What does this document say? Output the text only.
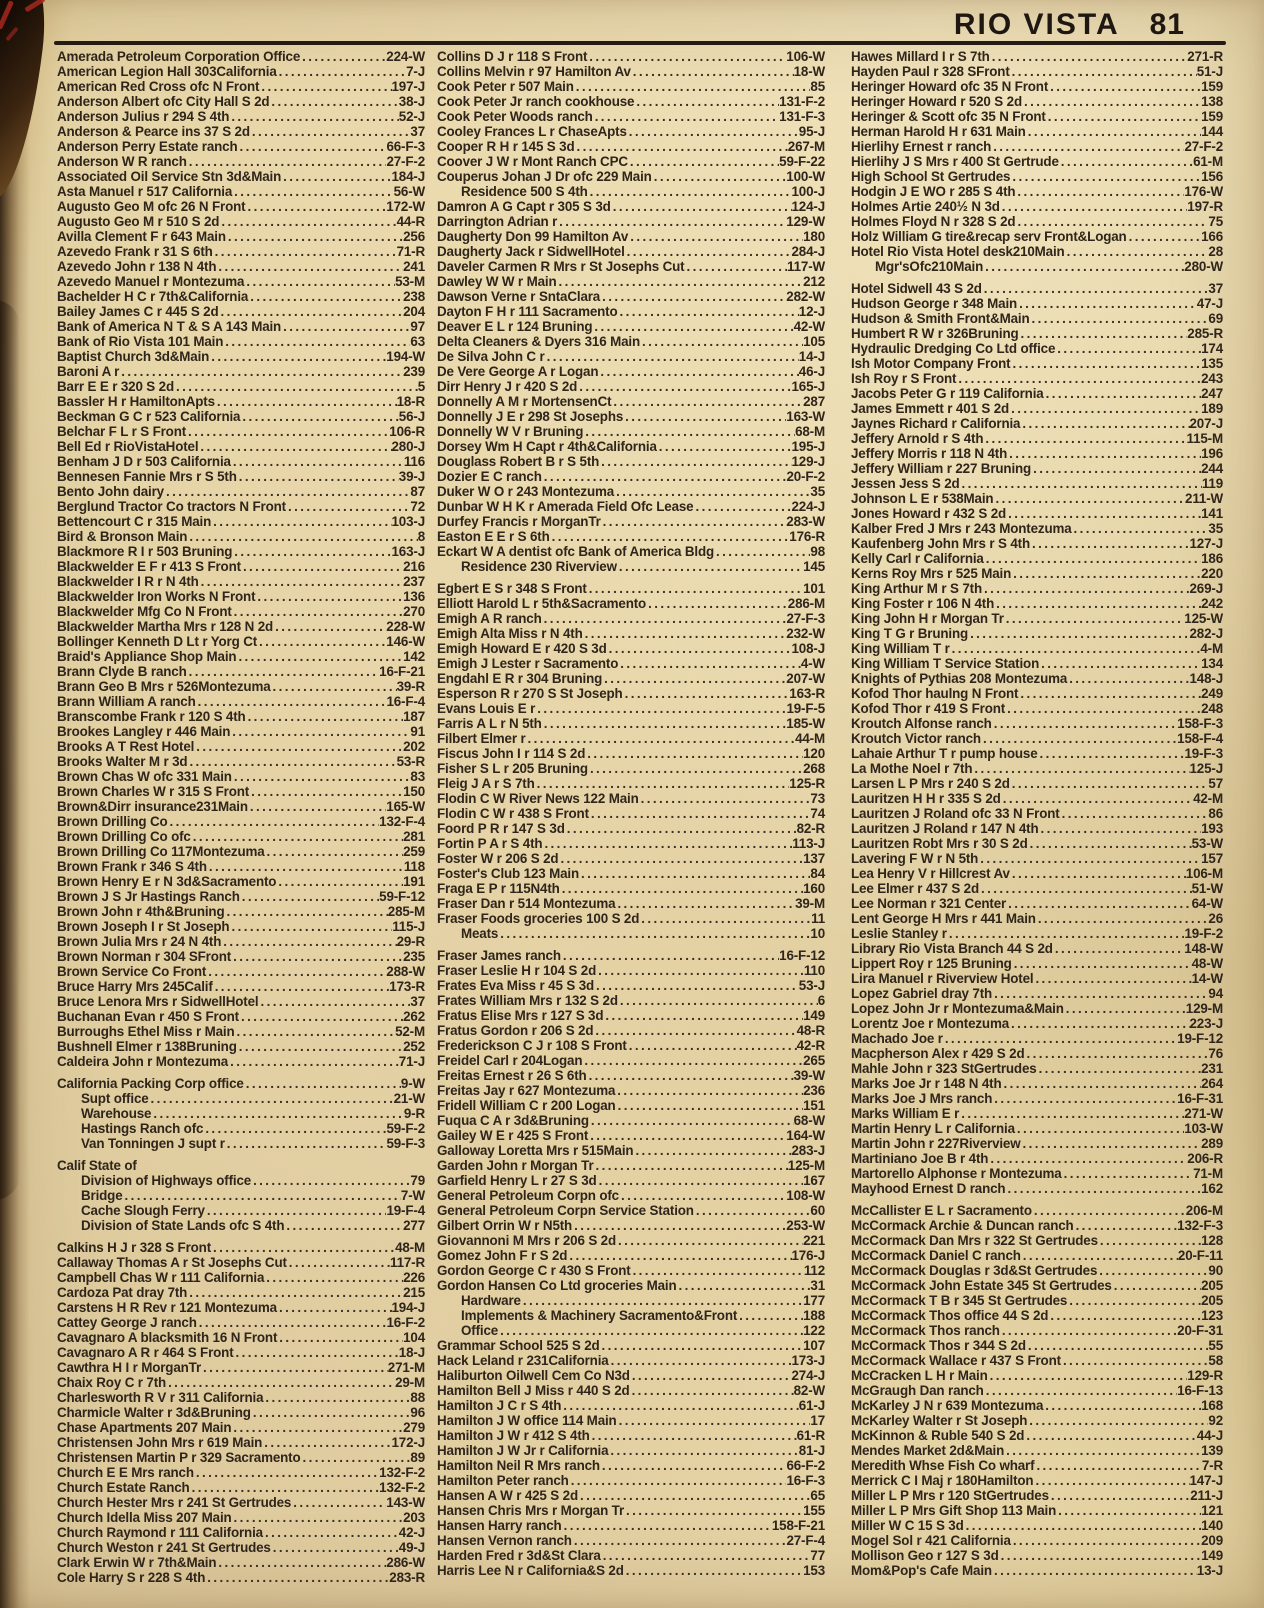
RIO VISTA 81
Amerada Petroleum Corporation Office .....	224-W
American Legion Hall 303California .....	7-J
American Red Cross ofc N Front .....	197-J
Anderson Albert ofc City Hall S 2d .....	38-J
Anderson Julius r 294 S 4th .....	52-J
Anderson & Pearce ins 37 S 2d .....	37
Anderson Perry Estate ranch .....	66-F-3
Anderson W R ranch .....	27-F-2
Associated Oil Service Stn 3d&Main .....	184-J
Asta Manuel r 517 California .....	56-W
Augusto Geo M ofc 26 N Front .....	172-W
Augusto Geo M r 510 S 2d .....	44-R
Avilla Clement F r 643 Main .....	256
Azevedo Frank r 31 S 6th .....	71-R
Azevedo John r 138 N 4th .....	241
Azevedo Manuel r Montezuma .....	53-M
Bachelder H C r 7th&California .....	238
Bailey James C r 445 S 2d .....	204
Bank of America N T & S A 143 Main .....	97
Bank of Rio Vista 101 Main .....	63
Baptist Church 3d&Main .....	194-W
Baroni A r .....	239
Barr E E r 320 S 2d .....	5
Bassler H r HamiltonApts .....	18-R
Beckman G C r 523 California .....	56-J
Belchar F L r S Front .....	106-R
Bell Ed r RioVistaHotel .....	280-J
Benham J D r 503 California .....	116
Bennesen Fannie Mrs r S 5th .....	39-J
Bento John dairy .....	87
Berglund Tractor Co tractors N Front .....	72
Bettencourt C r 315 Main .....	103-J
Bird & Bronson Main .....	8
Blackmore R I r 503 Bruning .....	163-J
Blackwelder E F r 413 S Front .....	216
Blackwelder I R r N 4th .....	237
Blackwelder Iron Works N Front .....	136
Blackwelder Mfg Co N Front .....	270
Blackwelder Martha Mrs r 128 N 2d .....	228-W
Bollinger Kenneth D Lt r Yorg Ct .....	146-W
Braid's Appliance Shop Main .....	142
Brann Clyde B ranch .....	16-F-21
Brann Geo B Mrs r 526Montezuma .....	39-R
Brann William A ranch .....	16-F-4
Branscombe Frank r 120 S 4th .....	187
Brookes Langley r 446 Main .....	91
Brooks A T Rest Hotel .....	202
Brooks Walter M r 3d .....	53-R
Brown Chas W ofc 331 Main .....	83
Brown Charles W r 315 S Front .....	150
Brown&Dirr insurance231Main .....	165-W
Brown Drilling Co .....	132-F-4
Brown Drilling Co ofc .....	281
Brown Drilling Co 117Montezuma .....	259
Brown Frank r 346 S 4th .....	118
Brown Henry E r N 3d&Sacramento .....	191
Brown J S Jr Hastings Ranch .....	59-F-12
Brown John r 4th&Bruning .....	285-M
Brown Joseph I r St Joseph .....	115-J
Brown Julia Mrs r 24 N 4th .....	29-R
Brown Norman r 304 SFront .....	235
Brown Service Co Front .....	288-W
Bruce Harry Mrs 245Calif .....	173-R
Bruce Lenora Mrs r SidwellHotel .....	37
Buchanan Evan r 450 S Front .....	262
Burroughs Ethel Miss r Main .....	52-M
Bushnell Elmer r 138Bruning .....	252
Caldeira John r Montezuma .....	71-J
California Packing Corp office .....	9-W
Supt office .....	21-W
Warehouse .....	9-R
Hastings Ranch ofc .....	59-F-2
Van Tonningen J supt r .....	59-F-3
Calif State of
Division of Highways office .....	79
Bridge .....	7-W
Cache Slough Ferry .....	19-F-4
Division of State Lands ofc S 4th .....	277
Calkins H J r 328 S Front .....	48-M
Callaway Thomas A r St Josephs Cut .....	117-R
Campbell Chas W r 111 California .....	226
Cardoza Pat dray 7th .....	215
Carstens H R Rev r 121 Montezuma .....	194-J
Cattey George J ranch .....	16-F-2
Cavagnaro A blacksmith 16 N Front .....	104
Cavagnaro A R r 464 S Front .....	18-J
Cawthra H I r MorganTr .....	271-M
Chaix Roy C r 7th .....	29-M
Charlesworth R V r 311 California .....	88
Charmicle Walter r 3d&Bruning .....	96
Chase Apartments 207 Main .....	279
Christensen John Mrs r 619 Main .....	172-J
Christensen Martin P r 329 Sacramento .....	89
Church E E Mrs ranch .....	132-F-2
Church Estate Ranch .....	132-F-2
Church Hester Mrs r 241 St Gertrudes .....	143-W
Church Idella Miss 207 Main .....	203
Church Raymond r 111 California .....	42-J
Church Weston r 241 St Gertrudes .....	49-J
Clark Erwin W r 7th&Main .....	286-W
Cole Harry S r 228 S 4th .....	283-R
Collins D J r 118 S Front .....	106-W
Collins Melvin r 97 Hamilton Av .....	18-W
Cook Peter r 507 Main .....	85
Cook Peter Jr ranch cookhouse .....	131-F-2
Cook Peter Woods ranch .....	131-F-3
Cooley Frances L r ChaseApts .....	95-J
Cooper R H r 145 S 3d .....	267-M
Coover J W r Mont Ranch CPC .....	59-F-22
Couperus Johan J Dr ofc 229 Main .....	100-W
Residence 500 S 4th .....	100-J
Damron A G Capt r 305 S 3d .....	124-J
Darrington Adrian r .....	129-W
Daugherty Don 99 Hamilton Av .....	180
Daugherty Jack r SidwellHotel .....	284-J
Daveler Carmen R Mrs r St Josephs Cut .....	117-W
Dawley W W r Main .....	212
Dawson Verne r SntaClara .....	282-W
Dayton F H r 111 Sacramento .....	12-J
Deaver E L r 124 Bruning .....	42-W
Delta Cleaners & Dyers 316 Main .....	105
De Silva John C r .....	14-J
De Vere George A r Logan .....	46-J
Dirr Henry J r 420 S 2d .....	165-J
Donnelly A M r MortensenCt .....	287
Donnelly J E r 298 St Josephs .....	163-W
Donnelly W V r Bruning .....	68-M
Dorsey Wm H Capt r 4th&California .....	195-J
Douglass Robert B r S 5th .....	129-J
Dozier E C ranch .....	20-F-2
Duker W O r 243 Montezuma .....	35
Dunbar W H K r Amerada Field Ofc Lease .....	224-J
Durfey Francis r MorganTr .....	283-W
Easton E E r S 6th .....	176-R
Eckart W A dentist ofc Bank of America Bldg .....	98
Residence 230 Riverview .....	145
Egbert E S r 348 S Front .....	101
Elliott Harold L r 5th&Sacramento .....	286-M
Emigh A R ranch .....	27-F-3
Emigh Alta Miss r N 4th .....	232-W
Emigh Howard E r 420 S 3d .....	108-J
Emigh J Lester r Sacramento .....	4-W
Engdahl E R r 304 Bruning .....	207-W
Esperson R r 270 S St Joseph .....	163-R
Evans Louis E r .....	19-F-5
Farris A L r N 5th .....	185-W
Filbert Elmer r .....	44-M
Fiscus John I r 114 S 2d .....	120
Fisher S L r 205 Bruning .....	268
Fleig J A r S 7th .....	125-R
Flodin C W River News 122 Main .....	73
Flodin C W r 438 S Front .....	74
Foord P R r 147 S 3d .....	82-R
Fortin P A r S 4th .....	113-J
Foster W r 206 S 2d .....	137
Foster's Club 123 Main .....	84
Fraga E P r 115N4th .....	160
Fraser Dan r 514 Montezuma .....	39-M
Fraser Foods groceries 100 S 2d .....	11
Meats .....	10
Fraser James ranch .....	16-F-12
Fraser Leslie H r 104 S 2d .....	110
Frates Eva Miss r 45 S 3d .....	53-J
Frates William Mrs r 132 S 2d .....	6
Fratus Elise Mrs r 127 S 3d .....	149
Fratus Gordon r 206 S 2d .....	48-R
Frederickson C J r 108 S Front .....	42-R
Freidel Carl r 204Logan .....	265
Freitas Ernest r 26 S 6th .....	39-W
Freitas Jay r 627 Montezuma .....	236
Fridell William C r 200 Logan .....	151
Fuqua C A r 3d&Bruning .....	68-W
Gailey W E r 425 S Front .....	164-W
Galloway Loretta Mrs r 515Main .....	283-J
Garden John r Morgan Tr .....	125-M
Garfield Henry L r 27 S 3d .....	167
General Petroleum Corpn ofc .....	108-W
General Petroleum Corpn Service Station .....	60
Gilbert Orrin W r N5th .....	253-W
Giovannoni M Mrs r 206 S 2d .....	221
Gomez John F r S 2d .....	176-J
Gordon George C r 430 S Front .....	112
Gordon Hansen Co Ltd groceries Main .....	31
Hardware .....	177
Implements & Machinery Sacramento&Front .....	188
Office .....	122
Grammar School 525 S 2d .....	107
Hack Leland r 231California .....	173-J
Haliburton Oilwell Cem Co N3d .....	274-J
Hamilton Bell J Miss r 440 S 2d .....	82-W
Hamilton J C r S 4th .....	61-J
Hamilton J W office 114 Main .....	17
Hamilton J W r 412 S 4th .....	61-R
Hamilton J W Jr r California .....	81-J
Hamilton Neil R Mrs ranch .....	66-F-2
Hamilton Peter ranch .....	16-F-3
Hansen A W r 425 S 2d .....	65
Hansen Chris Mrs r Morgan Tr .....	155
Hansen Harry ranch .....	158-F-21
Hansen Vernon ranch .....	27-F-4
Harden Fred r 3d&St Clara .....	77
Harris Lee N r California&S 2d .....	153
Hawes Millard I r S 7th .....	271-R
Hayden Paul r 328 SFront .....	51-J
Heringer Howard ofc 35 N Front .....	159
Heringer Howard r 520 S 2d .....	138
Heringer & Scott ofc 35 N Front .....	159
Herman Harold H r 631 Main .....	144
Hierlihy Ernest r ranch .....	27-F-2
Hierlihy J S Mrs r 400 St Gertrude .....	61-M
High School St Gertrudes .....	156
Hodgin J E WO r 285 S 4th .....	176-W
Holmes Artie 240½ N 3d .....	197-R
Holmes Floyd N r 328 S 2d .....	75
Holz William G tire&recap serv Front&Logan .....	166
Hotel Rio Vista Hotel desk210Main .....	28
Mgr'sOfc210Main .....	280-W
Hotel Sidwell 43 S 2d .....	37
Hudson George r 348 Main .....	47-J
Hudson & Smith Front&Main .....	69
Humbert R W r 326Bruning .....	285-R
Hydraulic Dredging Co Ltd office .....	174
Ish Motor Company Front .....	135
Ish Roy r S Front .....	243
Jacobs Peter G r 119 California .....	247
James Emmett r 401 S 2d .....	189
Jaynes Richard r California .....	207-J
Jeffery Arnold r S 4th .....	115-M
Jeffery Morris r 118 N 4th .....	196
Jeffery William r 227 Bruning .....	244
Jessen Jess S 2d .....	119
Johnson L E r 538Main .....	211-W
Jones Howard r 432 S 2d .....	141
Kalber Fred J Mrs r 243 Montezuma .....	35
Kaufenberg John Mrs r S 4th .....	127-J
Kelly Carl r California .....	186
Kerns Roy Mrs r 525 Main .....	220
King Arthur M r S 7th .....	269-J
King Foster r 106 N 4th .....	242
King John H r Morgan Tr .....	125-W
King T G r Bruning .....	282-J
King William T r .....	4-M
King William T Service Station .....	134
Knights of Pythias 208 Montezuma .....	148-J
Kofod Thor haulng N Front .....	249
Kofod Thor r 419 S Front .....	248
Kroutch Alfonse ranch .....	158-F-3
Kroutch Victor ranch .....	158-F-4
Lahaie Arthur T r pump house .....	19-F-3
La Mothe Noel r 7th .....	125-J
Larsen L P Mrs r 240 S 2d .....	57
Lauritzen H H r 335 S 2d .....	42-M
Lauritzen J Roland ofc 33 N Front .....	86
Lauritzen J Roland r 147 N 4th .....	193
Lauritzen Robt Mrs r 30 S 2d .....	53-W
Lavering F W r N 5th .....	157
Lea Henry V r Hillcrest Av .....	106-M
Lee Elmer r 437 S 2d .....	51-W
Lee Norman r 321 Center .....	64-W
Lent George H Mrs r 441 Main .....	26
Leslie Stanley r .....	19-F-2
Library Rio Vista Branch 44 S 2d .....	148-W
Lippert Roy r 125 Bruning .....	48-W
Lira Manuel r Riverview Hotel .....	14-W
Lopez Gabriel dray 7th .....	94
Lopez John Jr r Montezuma&Main .....	129-M
Lorentz Joe r Montezuma .....	223-J
Machado Joe r .....	19-F-12
Macpherson Alex r 429 S 2d .....	76
Mahle John r 323 StGertrudes .....	231
Marks Joe Jr r 148 N 4th .....	264
Marks Joe J Mrs ranch .....	16-F-31
Marks William E r .....	271-W
Martin Henry L r California .....	103-W
Martin John r 227Riverview .....	289
Martiniano Joe B r 4th .....	206-R
Martorello Alphonse r Montezuma .....	71-M
Mayhood Ernest D ranch .....	162
McCallister E L r Sacramento .....	206-M
McCormack Archie & Duncan ranch .....	132-F-3
McCormack Dan Mrs r 322 St Gertrudes .....	128
McCormack Daniel C ranch .....	20-F-11
McCormack Douglas r 3d&St Gertrudes .....	90
McCormack John Estate 345 St Gertrudes .....	205
McCormack T B r 345 St Gertrudes .....	205
McCormack Thos office 44 S 2d .....	123
McCormack Thos ranch .....	20-F-31
McCormack Thos r 344 S 2d .....	55
McCormack Wallace r 437 S Front .....	58
McCracken L H r Main .....	129-R
McGraugh Dan ranch .....	16-F-13
McKarley J N r 639 Montezuma .....	168
McKarley Walter r St Joseph .....	92
McKinnon & Ruble 540 S 2d .....	44-J
Mendes Market 2d&Main .....	139
Meredith Whse Fish Co wharf .....	7-R
Merrick C I Maj r 180Hamilton .....	147-J
Miller L P Mrs r 120 StGertrudes .....	211-J
Miller L P Mrs Gift Shop 113 Main .....	121
Miller W C 15 S 3d .....	140
Mogel Sol r 421 California .....	209
Mollison Geo r 127 S 3d .....	149
Mom&Pop's Cafe Main .....	13-J
